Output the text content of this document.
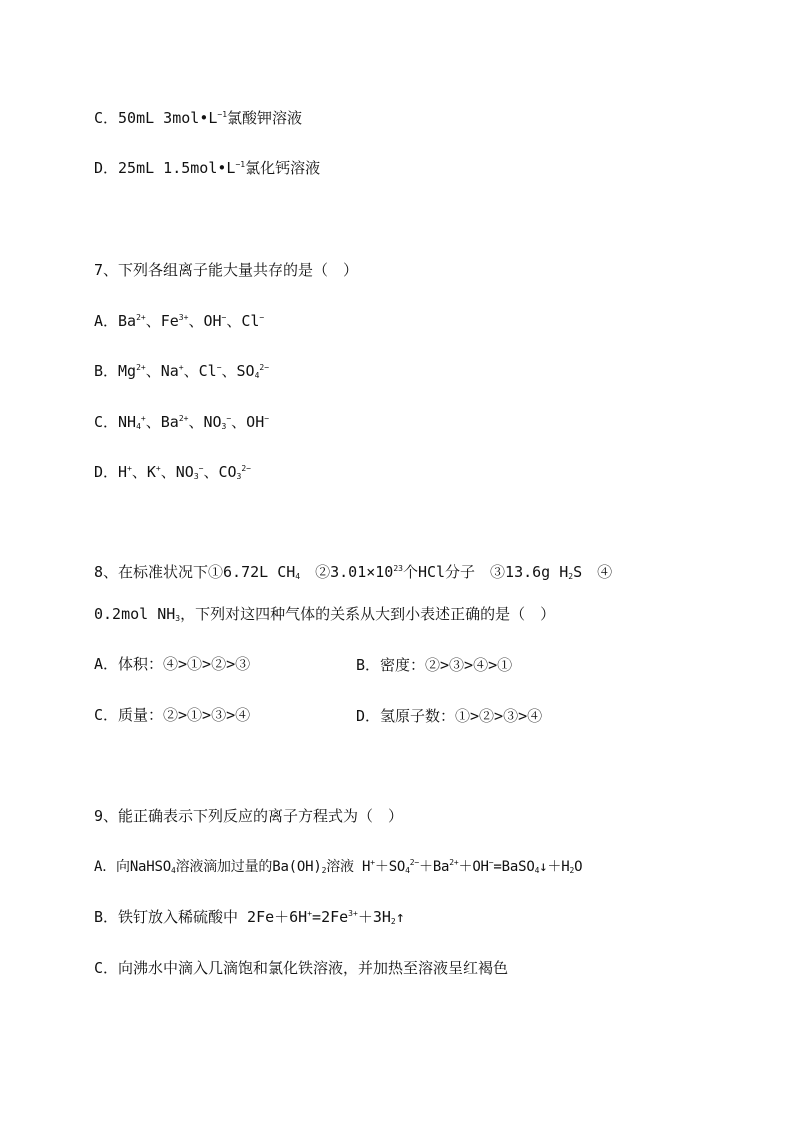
C．50mL $3mol•L^{-1}$氯酸钾溶液
D．25mL $1.5mol•L^{-1}$氯化钙溶液
7、下列各组离子能大量共存的是（　）
A．$Ba^{2+}$、$Fe^{3+}$、OH−、Cl−
B．$Mg^{2+}$、Na+、Cl−、$SO_4^{2-}$
C．$NH_4^+$、$Ba^{2+}$、$NO_3^-$、OH−
D．H+、K+、$NO_3^-$、$CO_3^{2-}$
8、在标准状况下①6.72L $CH_4$　$②3.01\times 10^{23}$个HCl分子　③13.6g $H_2S$　④
0.2mol $NH_3$，下列对这四种气体的关系从大到小表述正确的是（　）
A．体积：④>①>②>③	B．密度：②>③>④>①
C．质量：②>①>③>④	D．氢原子数：①>②>③>④
9、能正确表示下列反应的离子方程式为（　）
A．向NaHSO$_4$溶液滴加过量的$Ba(OH)_2$溶液 $H^++SO_4^{2-}+Ba^{2+}+OH^-=BaSO_4↓+H_2O$
B．铁钉放入稀硫酸中 $2Fe+6H^+=2Fe^{3+}+3H_2↑$
C．向沸水中滴入几滴饱和氯化铁溶液，并加热至溶液呈红褐色
